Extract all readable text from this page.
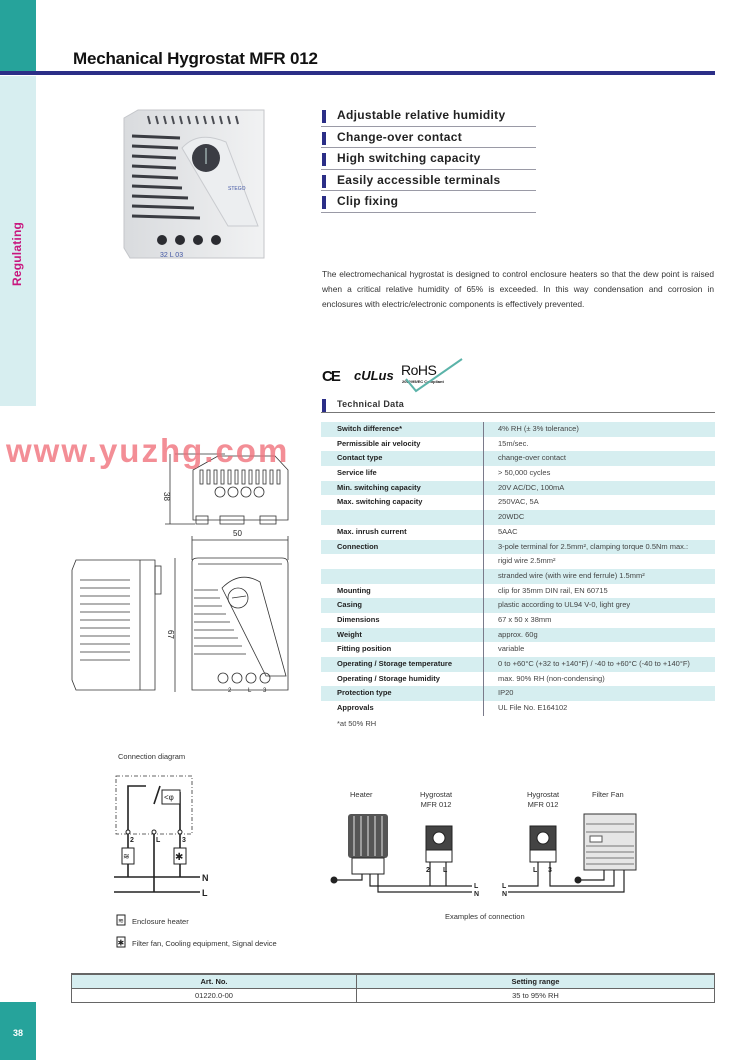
Regulating
38
Mechanical Hygrostat MFR 012
STEGO
32 L 03
Adjustable relative humidity
Change-over contact
High switching capacity
Easily accessible terminals
Clip fixing

The electromechanical hygrostat is designed to control enclosure heaters so that the dew point is raised when a critical relative humidity of 65% is exceeded. In this way condensation and corrosion in enclosures with electric/electronic components is effectively prevented.

CE cULus RoHS
2002/95/EC Compliant
Technical Data
Switch difference*	4% RH (± 3% tolerance)
Permissible air velocity	15m/sec.
Contact type	change-over contact
Service life	> 50,000 cycles
Min. switching capacity	20V AC/DC, 100mA
Max. switching capacity	250VAC, 5A
20WDC
Max. inrush current	5AAC
Connection	3-pole terminal for 2.5mm², clamping torque 0.5Nm max.:
rigid wire 2.5mm²
stranded wire (with wire end ferrule) 1.5mm²
Mounting	clip for 35mm DIN rail, EN 60715
Casing	plastic according to UL94 V-0, light grey
Dimensions	67 x 50 x 38mm
Weight	approx. 60g
Fitting position	variable
Operating / Storage temperature	0 to +60°C (+32 to +140°F) / -40 to +60°C (-40 to +140°F)
Operating / Storage humidity	max. 90% RH (non-condensing)
Protection type	IP20
Approvals	UL File No. E164102
*at 50% RH
38
50
67
2	L 3
www.yuzhg.com
Connection diagram
<φ
≋	✱
2	L	3
N
L
≋ Enclosure heater
✱ Filter fan, Cooling equipment, Signal device
Heater	Hygrostat
MFR 012
Hygrostat
MFR 012
Filter Fan
2 L	L 3
L
N
L
N
Examples of connection
Art. No.	Setting range
01220.0-00	35 to 95% RH
